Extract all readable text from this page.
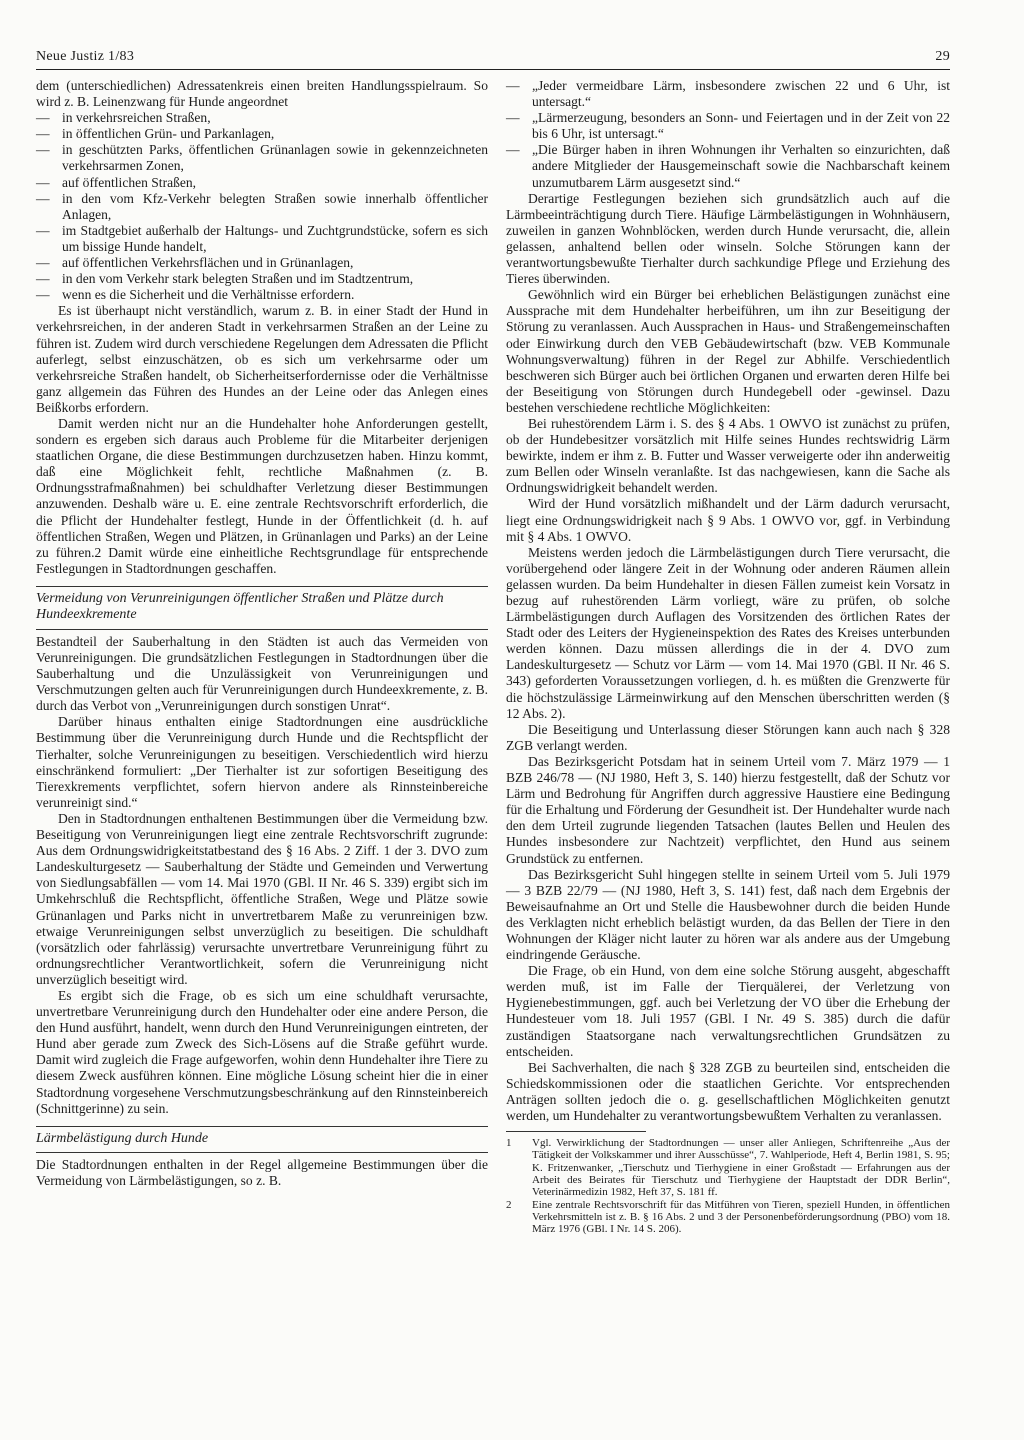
Neue Justiz 1/83	29

dem (unterschiedlichen) Adressatenkreis einen breiten Handlungsspielraum. So wird z. B. Leinenzwang für Hunde angeordnet

— in verkehrsreichen Straßen,
— in öffentlichen Grün- und Parkanlagen,
— in geschützten Parks, öffentlichen Grünanlagen sowie in gekennzeichneten verkehrsarmen Zonen,
— auf öffentlichen Straßen,
— in den vom Kfz-Verkehr belegten Straßen sowie innerhalb öffentlicher Anlagen,
— im Stadtgebiet außerhalb der Haltungs- und Zuchtgrundstücke, sofern es sich um bissige Hunde handelt,
— auf öffentlichen Verkehrsflächen und in Grünanlagen,
— in den vom Verkehr stark belegten Straßen und im Stadtzentrum,
— wenn es die Sicherheit und die Verhältnisse erfordern.

Es ist überhaupt nicht verständlich, warum z. B. in einer Stadt der Hund in verkehrsreichen, in der anderen Stadt in verkehrsarmen Straßen an der Leine zu führen ist. Zudem wird durch verschiedene Regelungen dem Adressaten die Pflicht auferlegt, selbst einzuschätzen, ob es sich um verkehrsarme oder um verkehrsreiche Straßen handelt, ob Sicherheitserfordernisse oder die Verhältnisse ganz allgemein das Führen des Hundes an der Leine oder das Anlegen eines Beißkorbs erfordern.

Damit werden nicht nur an die Hundehalter hohe Anforderungen gestellt, sondern es ergeben sich daraus auch Probleme für die Mitarbeiter derjenigen staatlichen Organe, die diese Bestimmungen durchzusetzen haben. Hinzu kommt, daß eine Möglichkeit fehlt, rechtliche Maßnahmen (z. B. Ordnungsstrafmaßnahmen) bei schuldhafter Verletzung dieser Bestimmungen anzuwenden. Deshalb wäre u. E. eine zentrale Rechtsvorschrift erforderlich, die die Pflicht der Hundehalter festlegt, Hunde in der Öffentlichkeit (d. h. auf öffentlichen Straßen, Wegen und Plätzen, in Grünanlagen und Parks) an der Leine zu führen.2 Damit würde eine einheitliche Rechtsgrundlage für entsprechende Festlegungen in Stadtordnungen geschaffen.

Vermeidung von Verunreinigungen öffentlicher Straßen und Plätze durch Hundeexkremente

Bestandteil der Sauberhaltung in den Städten ist auch das Vermeiden von Verunreinigungen. Die grundsätzlichen Festlegungen in Stadtordnungen über die Sauberhaltung und die Unzulässigkeit von Verunreinigungen und Verschmutzungen gelten auch für Verunreinigungen durch Hundeexkremente, z. B. durch das Verbot von „Verunreinigungen durch sonstigen Unrat“.

Darüber hinaus enthalten einige Stadtordnungen eine ausdrückliche Bestimmung über die Verunreinigung durch Hunde und die Rechtspflicht der Tierhalter, solche Verunreinigungen zu beseitigen. Verschiedentlich wird hierzu einschränkend formuliert: „Der Tierhalter ist zur sofortigen Beseitigung des Tierexkrements verpflichtet, sofern hiervon andere als Rinnsteinbereiche verunreinigt sind.“

Den in Stadtordnungen enthaltenen Bestimmungen über die Vermeidung bzw. Beseitigung von Verunreinigungen liegt eine zentrale Rechtsvorschrift zugrunde: Aus dem Ordnungswidrigkeitstatbestand des § 16 Abs. 2 Ziff. 1 der 3. DVO zum Landeskulturgesetz — Sauberhaltung der Städte und Gemeinden und Verwertung von Siedlungsabfällen — vom 14. Mai 1970 (GBl. II Nr. 46 S. 339) ergibt sich im Umkehrschluß die Rechtspflicht, öffentliche Straßen, Wege und Plätze sowie Grünanlagen und Parks nicht in unvertretbarem Maße zu verunreinigen bzw. etwaige Verunreinigungen selbst unverzüglich zu beseitigen. Die schuldhaft (vorsätzlich oder fahrlässig) verursachte unvertretbare Verunreinigung führt zu ordnungsrechtlicher Verantwortlichkeit, sofern die Verunreinigung nicht unverzüglich beseitigt wird.

Es ergibt sich die Frage, ob es sich um eine schuldhaft verursachte, unvertretbare Verunreinigung durch den Hundehalter oder eine andere Person, die den Hund ausführt, handelt, wenn durch den Hund Verunreinigungen eintreten, der Hund aber gerade zum Zweck des Sich-Lösens auf die Straße geführt wurde. Damit wird zugleich die Frage aufgeworfen, wohin denn Hundehalter ihre Tiere zu diesem Zweck ausführen können. Eine mögliche Lösung scheint hier die in einer Stadtordnung vorgesehene Verschmutzungsbeschränkung auf den Rinnsteinbereich (Schnittgerinne) zu sein.

Lärmbelästigung durch Hunde

Die Stadtordnungen enthalten in der Regel allgemeine Bestimmungen über die Vermeidung von Lärmbelästigungen, so z. B.

— „Jeder vermeidbare Lärm, insbesondere zwischen 22 und 6 Uhr, ist untersagt.“
— „Lärmerzeugung, besonders an Sonn- und Feiertagen und in der Zeit von 22 bis 6 Uhr, ist untersagt.“
— „Die Bürger haben in ihren Wohnungen ihr Verhalten so einzurichten, daß andere Mitglieder der Hausgemeinschaft sowie die Nachbarschaft keinem unzumutbarem Lärm ausgesetzt sind.“

Derartige Festlegungen beziehen sich grundsätzlich auch auf die Lärmbeeinträchtigung durch Tiere. Häufige Lärmbelästigungen in Wohnhäusern, zuweilen in ganzen Wohnblöcken, werden durch Hunde verursacht, die, allein gelassen, anhaltend bellen oder winseln. Solche Störungen kann der verantwortungsbewußte Tierhalter durch sachkundige Pflege und Erziehung des Tieres überwinden.

Gewöhnlich wird ein Bürger bei erheblichen Belästigungen zunächst eine Aussprache mit dem Hundehalter herbeiführen, um ihn zur Beseitigung der Störung zu veranlassen. Auch Aussprachen in Haus- und Straßengemeinschaften oder Einwirkung durch den VEB Gebäudewirtschaft (bzw. VEB Kommunale Wohnungsverwaltung) führen in der Regel zur Abhilfe. Verschiedentlich beschweren sich Bürger auch bei örtlichen Organen und erwarten deren Hilfe bei der Beseitigung von Störungen durch Hundegebell oder -gewinsel. Dazu bestehen verschiedene rechtliche Möglichkeiten:

Bei ruhestörendem Lärm i. S. des § 4 Abs. 1 OWVO ist zunächst zu prüfen, ob der Hundebesitzer vorsätzlich mit Hilfe seines Hundes rechtswidrig Lärm bewirkte, indem er ihm z. B. Futter und Wasser verweigerte oder ihn anderweitig zum Bellen oder Winseln veranlaßte. Ist das nachgewiesen, kann die Sache als Ordnungswidrigkeit behandelt werden.

Wird der Hund vorsätzlich mißhandelt und der Lärm dadurch verursacht, liegt eine Ordnungswidrigkeit nach § 9 Abs. 1 OWVO vor, ggf. in Verbindung mit § 4 Abs. 1 OWVO.

Meistens werden jedoch die Lärmbelästigungen durch Tiere verursacht, die vorübergehend oder längere Zeit in der Wohnung oder anderen Räumen allein gelassen wurden. Da beim Hundehalter in diesen Fällen zumeist kein Vorsatz in bezug auf ruhestörenden Lärm vorliegt, wäre zu prüfen, ob solche Lärmbelästigungen durch Auflagen des Vorsitzenden des örtlichen Rates der Stadt oder des Leiters der Hygieneinspektion des Rates des Kreises unterbunden werden können. Dazu müssen allerdings die in der 4. DVO zum Landeskulturgesetz — Schutz vor Lärm — vom 14. Mai 1970 (GBl. II Nr. 46 S. 343) geforderten Voraussetzungen vorliegen, d. h. es müßten die Grenzwerte für die höchstzulässige Lärmeinwirkung auf den Menschen überschritten werden (§ 12 Abs. 2).

Die Beseitigung und Unterlassung dieser Störungen kann auch nach § 328 ZGB verlangt werden.

Das Bezirksgericht Potsdam hat in seinem Urteil vom 7. März 1979 — 1 BZB 246/78 — (NJ 1980, Heft 3, S. 140) hierzu festgestellt, daß der Schutz vor Lärm und Bedrohung für Angriffen durch aggressive Haustiere eine Bedingung für die Erhaltung und Förderung der Gesundheit ist. Der Hundehalter wurde nach den dem Urteil zugrunde liegenden Tatsachen (lautes Bellen und Heulen des Hundes insbesondere zur Nachtzeit) verpflichtet, den Hund aus seinem Grundstück zu entfernen.

Das Bezirksgericht Suhl hingegen stellte in seinem Urteil vom 5. Juli 1979 — 3 BZB 22/79 — (NJ 1980, Heft 3, S. 141) fest, daß nach dem Ergebnis der Beweisaufnahme an Ort und Stelle die Hausbewohner durch die beiden Hunde des Verklagten nicht erheblich belästigt wurden, da das Bellen der Tiere in den Wohnungen der Kläger nicht lauter zu hören war als andere aus der Umgebung eindringende Geräusche.

Die Frage, ob ein Hund, von dem eine solche Störung ausgeht, abgeschafft werden muß, ist im Falle der Tierquälerei, der Verletzung von Hygienebestimmungen, ggf. auch bei Verletzung der VO über die Erhebung der Hundesteuer vom 18. Juli 1957 (GBl. I Nr. 49 S. 385) durch die dafür zuständigen Staatsorgane nach verwaltungsrechtlichen Grundsätzen zu entscheiden.

Bei Sachverhalten, die nach § 328 ZGB zu beurteilen sind, entscheiden die Schiedskommissionen oder die staatlichen Gerichte. Vor entsprechenden Anträgen sollten jedoch die o. g. gesellschaftlichen Möglichkeiten genutzt werden, um Hundehalter zu verantwortungsbewußtem Verhalten zu veranlassen.

1 Vgl. Verwirklichung der Stadtordnungen — unser aller Anliegen, Schriftenreihe „Aus der Tätigkeit der Volkskammer und ihrer Ausschüsse“, 7. Wahlperiode, Heft 4, Berlin 1981, S. 95; K. Fritzenwanker, „Tierschutz und Tierhygiene in einer Großstadt — Erfahrungen aus der Arbeit des Beirates für Tierschutz und Tierhygiene der Hauptstadt der DDR Berlin“, Veterinärmedizin 1982, Heft 37, S. 181 ff.
2 Eine zentrale Rechtsvorschrift für das Mitführen von Tieren, speziell Hunden, in öffentlichen Verkehrsmitteln ist z. B. § 16 Abs. 2 und 3 der Personenbeförderungsordnung (PBO) vom 18. März 1976 (GBl. I Nr. 14 S. 206).
